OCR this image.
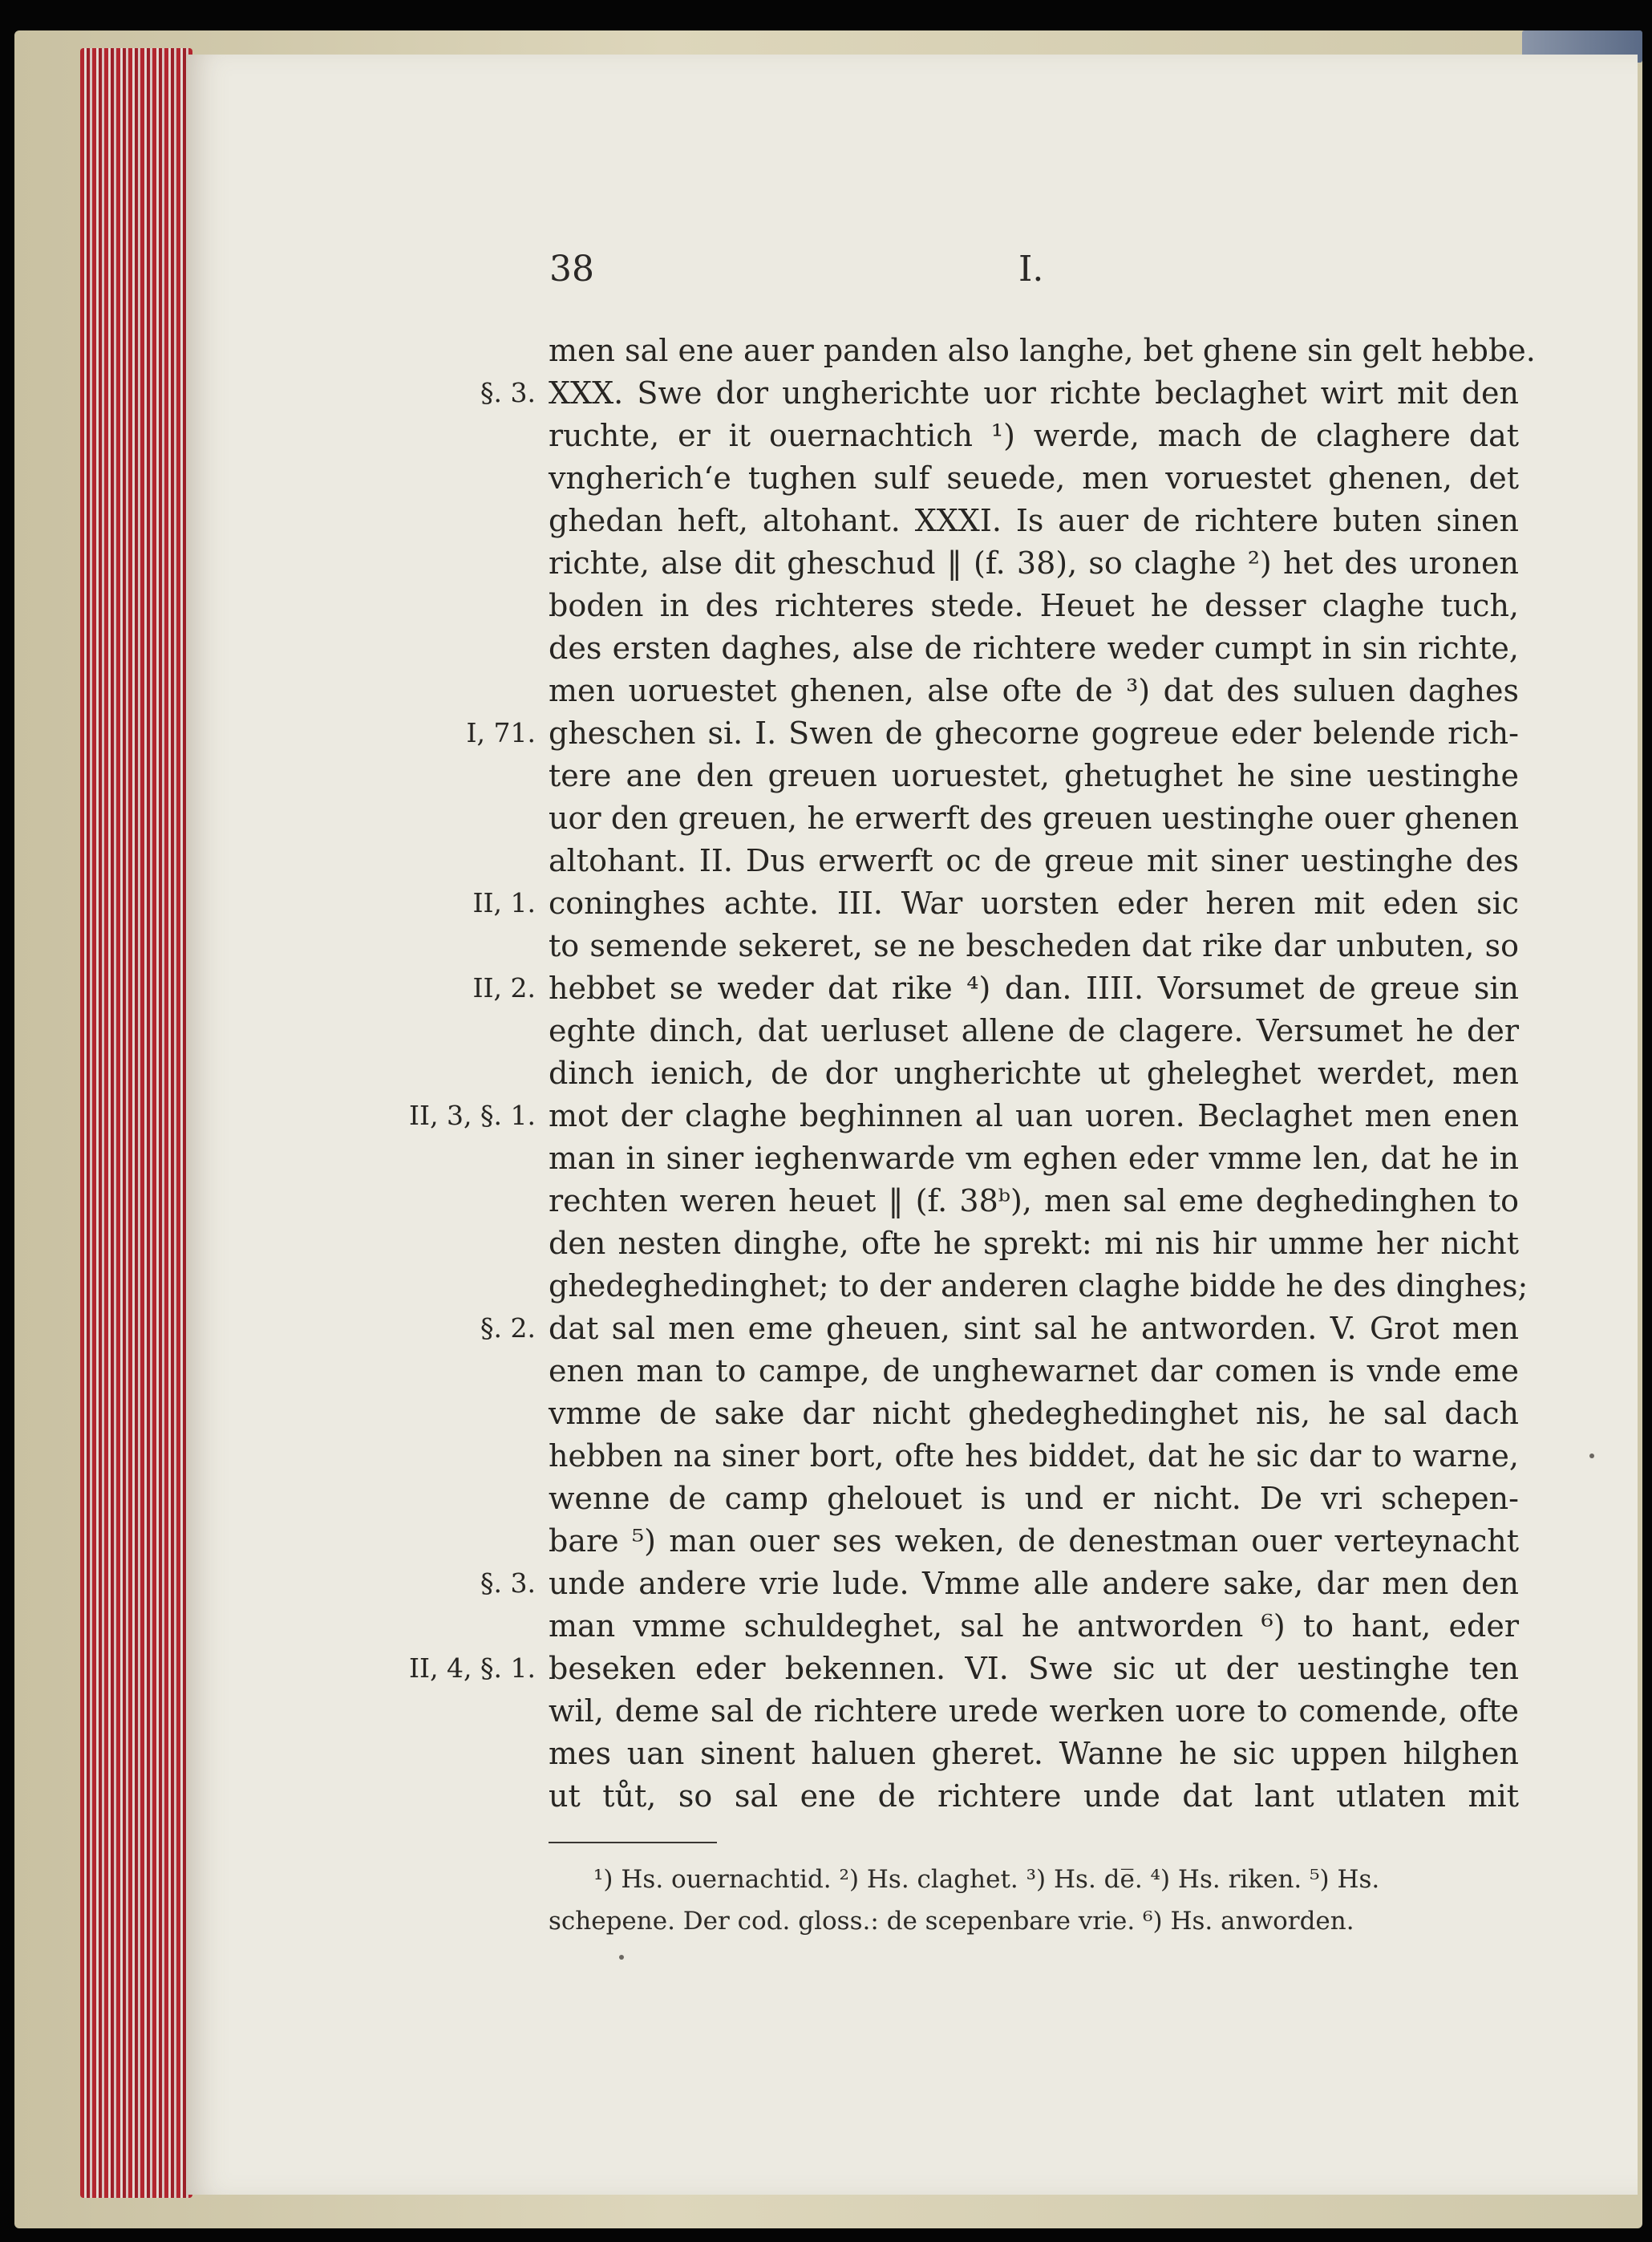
38	I.
men sal ene auer panden also langhe, bet ghene sin gelt hebbe.
XXX. Swe dor ungherichte uor richte beclaghet wirt mit den
ruchte, er it ouernachtich ¹) werde, mach de claghere dat
vngherich‘e tughen sulf seuede, men voruestet ghenen, det
ghedan heft, altohant. XXXI. Is auer de richtere buten sinen
richte, alse dit gheschud ‖ (f. 38), so claghe ²) het des uronen
boden in des richteres stede. Heuet he desser claghe tuch,
des ersten daghes, alse de richtere weder cumpt in sin richte,
men uoruestet ghenen, alse ofte de ³) dat des suluen daghes
gheschen si. I. Swen de ghecorne gogreue eder belende rich-
tere ane den greuen uoruestet, ghetughet he sine uestinghe
uor den greuen, he erwerft des greuen uestinghe ouer ghenen
altohant. II. Dus erwerft oc de greue mit siner uestinghe des
coninghes achte. III. War uorsten eder heren mit eden sic
to semende sekeret, se ne bescheden dat rike dar unbuten, so
hebbet se weder dat rike ⁴) dan. IIII. Vorsumet de greue sin
eghte dinch, dat uerluset allene de clagere. Versumet he der
dinch ienich, de dor ungherichte ut gheleghet werdet, men
mot der claghe beghinnen al uan uoren. Beclaghet men enen
man in siner ieghenwarde vm eghen eder vmme len, dat he in
rechten weren heuet ‖ (f. 38ᵇ), men sal eme deghedinghen to
den nesten dinghe, ofte he sprekt: mi nis hir umme her nicht
ghedeghedinghet; to der anderen claghe bidde he des dinghes;
dat sal men eme gheuen, sint sal he antworden. V. Grot men
enen man to campe, de unghewarnet dar comen is vnde eme
vmme de sake dar nicht ghedeghedinghet nis, he sal dach
hebben na siner bort, ofte hes biddet, dat he sic dar to warne,
wenne de camp ghelouet is und er nicht. De vri schepen-
bare ⁵) man ouer ses weken, de denestman ouer verteynacht
unde andere vrie lude. Vmme alle andere sake, dar men den
man vmme schuldeghet, sal he antworden ⁶) to hant, eder
beseken eder bekennen. VI. Swe sic ut der uestinghe ten
wil, deme sal de richtere urede werken uore to comende, ofte
mes uan sinent haluen gheret. Wanne he sic uppen hilghen
ut tůt, so sal ene de richtere unde dat lant utlaten mit
§. 3.
I, 71.
II, 1.
II, 2.
II, 3, §. 1.
§. 2.
§. 3.
II, 4, §. 1.
¹) Hs. ouernachtid. ²) Hs. claghet. ³) Hs. de̅. ⁴) Hs. riken. ⁵) Hs.
schepene. Der cod. gloss.: de scepenbare vrie. ⁶) Hs. anworden.
